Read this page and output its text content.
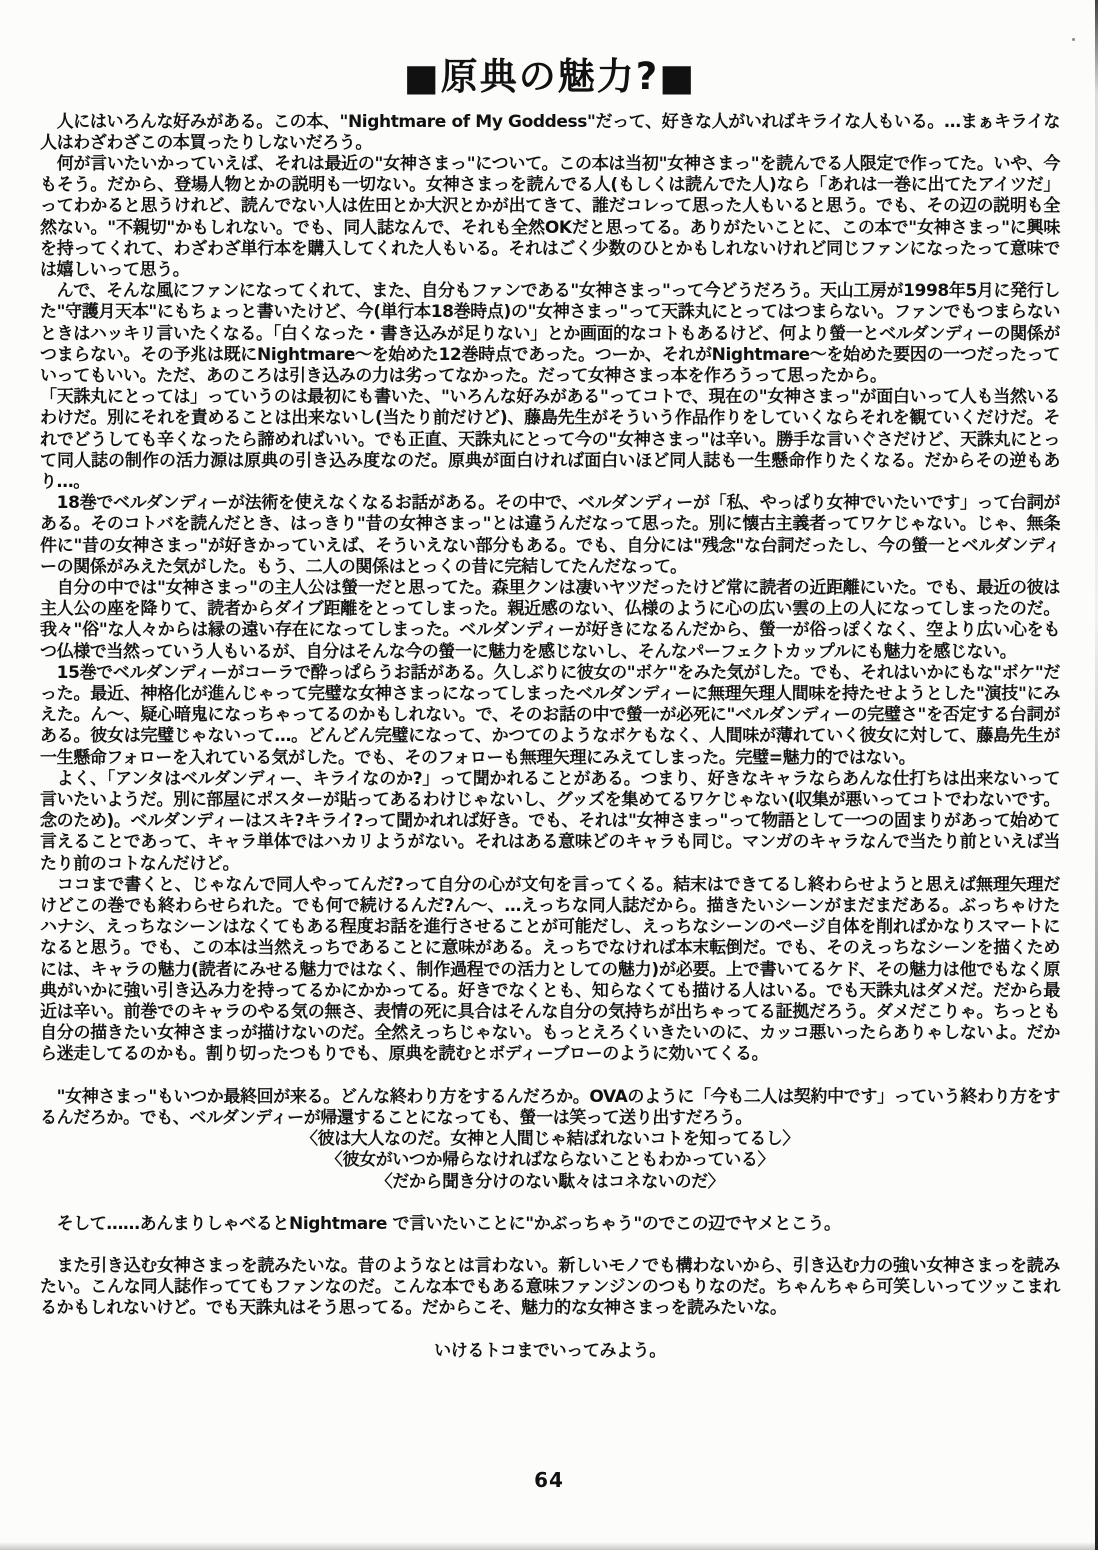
■原典の魅力?■

　人にはいろんな好みがある。この本、"Nightmare of My Goddess"だって、好きな人がいればキライな人もいる。…まぁキライな人はわざわざこの本買ったりしないだろう。

　何が言いたいかっていえば、それは最近の"女神さまっ"について。この本は当初"女神さまっ"を読んでる人限定で作ってた。いや、今もそう。だから、登場人物とかの説明も一切ない。女神さまっを読んでる人(もしくは読んでた人)なら「あれは一巻に出てたアイツだ」ってわかると思うけれど、読んでない人は佐田とか大沢とかが出てきて、誰だコレって思った人もいると思う。でも、その辺の説明も全然ない。"不親切"かもしれない。でも、同人誌なんで、それも全然OKだと思ってる。ありがたいことに、この本で"女神さまっ"に興味を持ってくれて、わざわざ単行本を購入してくれた人もいる。それはごく少数のひとかもしれないけれど同じファンになったって意味では嬉しいって思う。

　んで、そんな風にファンになってくれて、また、自分もファンである"女神さまっ"って今どうだろう。天山工房が1998年5月に発行した"守護月天本"にもちょっと書いたけど、今(単行本18巻時点)の"女神さまっ"って天誅丸にとってはつまらない。ファンでもつまらないときはハッキリ言いたくなる。「白くなった・書き込みが足りない」とか画面的なコトもあるけど、何より螢一とベルダンディーの関係がつまらない。その予兆は既にNightmare〜を始めた12巻時点であった。つーか、それがNightmare〜を始めた要因の一つだったっていってもいい。ただ、あのころは引き込みの力は劣ってなかった。だって女神さまっ本を作ろうって思ったから。

「天誅丸にとっては」っていうのは最初にも書いた、"いろんな好みがある"ってコトで、現在の"女神さまっ"が面白いって人も当然いるわけだ。別にそれを責めることは出来ないし(当たり前だけど)、藤島先生がそういう作品作りをしていくならそれを観ていくだけだ。それでどうしても辛くなったら諦めればいい。でも正直、天誅丸にとって今の"女神さまっ"は辛い。勝手な言いぐさだけど、天誅丸にとって同人誌の制作の活力源は原典の引き込み度なのだ。原典が面白ければ面白いほど同人誌も一生懸命作りたくなる。だからその逆もあり…。

　18巻でベルダンディーが法術を使えなくなるお話がある。その中で、ベルダンディーが「私、やっぱり女神でいたいです」って台詞がある。そのコトバを読んだとき、はっきり"昔の女神さまっ"とは違うんだなって思った。別に懐古主義者ってワケじゃない。じゃ、無条件に"昔の女神さまっ"が好きかっていえば、そういえない部分もある。でも、自分には"残念"な台詞だったし、今の螢一とベルダンディーの関係がみえた気がした。もう、二人の関係はとっくの昔に完結してたんだなって。

　自分の中では"女神さまっ"の主人公は螢一だと思ってた。森里クンは凄いヤツだったけど常に読者の近距離にいた。でも、最近の彼は主人公の座を降りて、読者からダイブ距離をとってしまった。親近感のない、仏様のように心の広い雲の上の人になってしまったのだ。我々"俗"な人々からは縁の遠い存在になってしまった。ベルダンディーが好きになるんだから、螢一が俗っぽくなく、空より広い心をもつ仏様で当然っていう人もいるが、自分はそんな今の螢一に魅力を感じないし、そんなパーフェクトカップルにも魅力を感じない。

　15巻でベルダンディーがコーラで酔っぱらうお話がある。久しぶりに彼女の"ボケ"をみた気がした。でも、それはいかにもな"ボケ"だった。最近、神格化が進んじゃって完璧な女神さまっになってしまったベルダンディーに無理矢理人間味を持たせようとした"演技"にみえた。ん〜、疑心暗鬼になっちゃってるのかもしれない。で、そのお話の中で螢一が必死に"ベルダンディーの完璧さ"を否定する台詞がある。彼女は完璧じゃないって…。どんどん完璧になって、かつてのようなボケもなく、人間味が薄れていく彼女に対して、藤島先生が一生懸命フォローを入れている気がした。でも、そのフォローも無理矢理にみえてしまった。完璧=魅力的ではない。

　よく、「アンタはベルダンディー、キライなのか?」って聞かれることがある。つまり、好きなキャラならあんな仕打ちは出来ないって言いたいようだ。別に部屋にポスターが貼ってあるわけじゃないし、グッズを集めてるワケじゃない(収集が悪いってコトでわないです。念のため)。ベルダンディーはスキ?キライ?って聞かれれば好き。でも、それは"女神さまっ"って物語として一つの固まりがあって始めて言えることであって、キャラ単体ではハカリようがない。それはある意味どのキャラも同じ。マンガのキャラなんで当たり前といえば当たり前のコトなんだけど。

　ココまで書くと、じゃなんで同人やってんだ?って自分の心が文句を言ってくる。結末はできてるし終わらせようと思えば無理矢理だけどこの巻でも終わらせられた。でも何で続けるんだ?ん〜、…えっちな同人誌だから。描きたいシーンがまだまだある。ぶっちゃけたハナシ、えっちなシーンはなくてもある程度お話を進行させることが可能だし、えっちなシーンのページ自体を削ればかなりスマートになると思う。でも、この本は当然えっちであることに意味がある。えっちでなければ本末転倒だ。でも、そのえっちなシーンを描くためには、キャラの魅力(読者にみせる魅力ではなく、制作過程での活力としての魅力)が必要。上で書いてるケド、その魅力は他でもなく原典がいかに強い引き込み力を持ってるかにかかってる。好きでなくとも、知らなくても描ける人はいる。でも天誅丸はダメだ。だから最近は辛い。前巻でのキャラのやる気の無さ、表情の死に具合はそんな自分の気持ちが出ちゃってる証拠だろう。ダメだこりゃ。ちっとも自分の描きたい女神さまっが描けないのだ。全然えっちじゃない。もっとえろくいきたいのに、カッコ悪いったらありゃしないよ。だから迷走してるのかも。割り切ったつもりでも、原典を読むとボディーブローのように効いてくる。

　"女神さまっ"もいつか最終回が来る。どんな終わり方をするんだろか。OVAのように「今も二人は契約中です」っていう終わり方をするんだろか。でも、ベルダンディーが帰還することになっても、螢一は笑って送り出すだろう。

〈彼は大人なのだ。女神と人間じゃ結ばれないコトを知ってるし〉

〈彼女がいつか帰らなければならないこともわかっている〉

〈だから聞き分けのない駄々はコネないのだ〉

　そして……あんまりしゃべるとNightmare で言いたいことに"かぶっちゃう"のでこの辺でヤメとこう。

　また引き込む女神さまっを読みたいな。昔のようなとは言わない。新しいモノでも構わないから、引き込む力の強い女神さまっを読みたい。こんな同人誌作っててもファンなのだ。こんな本でもある意味ファンジンのつもりなのだ。ちゃんちゃら可笑しいってツッこまれるかもしれないけど。でも天誅丸はそう思ってる。だからこそ、魅力的な女神さまっを読みたいな。

いけるトコまでいってみよう。

64
